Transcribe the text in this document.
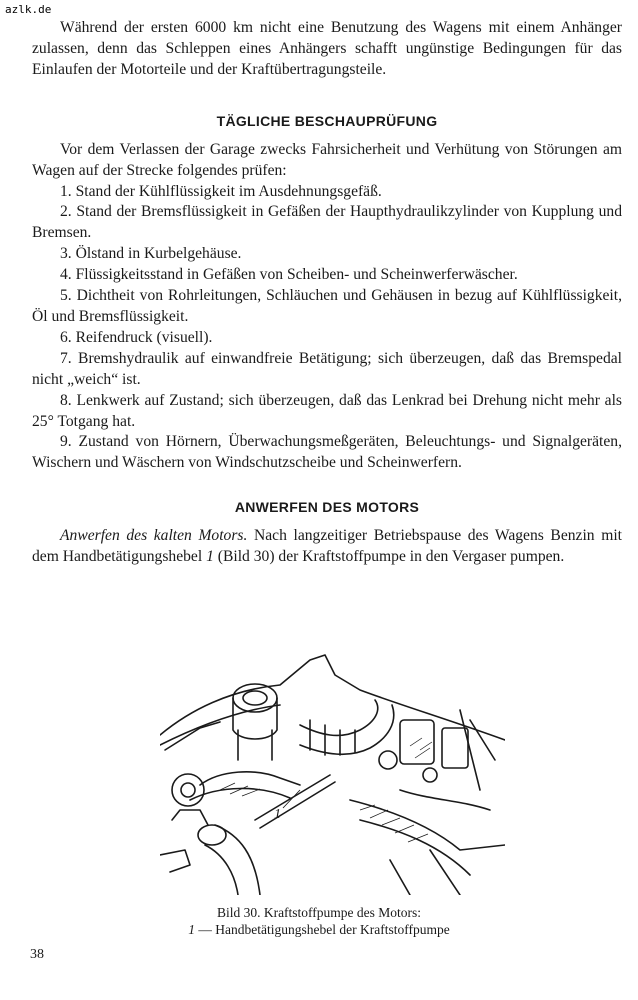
azlk.de

Während der ersten 6000 km nicht eine Benutzung des Wagens mit einem Anhänger zulassen, denn das Schleppen eines Anhängers schafft ungünstige Bedingungen für das Einlaufen der Motorteile und der Kraftübertragungsteile.

TÄGLICHE BESCHAUPRÜFUNG

Vor dem Verlassen der Garage zwecks Fahrsicherheit und Verhütung von Störungen am Wagen auf der Strecke folgendes prüfen:

1. Stand der Kühlflüssigkeit im Ausdehnungsgefäß.

2. Stand der Bremsflüssigkeit in Gefäßen der Haupthydraulikzylinder von Kupplung und Bremsen.

3. Ölstand in Kurbelgehäuse.

4. Flüssigkeitsstand in Gefäßen von Scheiben- und Scheinwerferwäscher.

5. Dichtheit von Rohrleitungen, Schläuchen und Gehäusen in bezug auf Kühlflüssigkeit, Öl und Bremsflüssigkeit.

6. Reifendruck (visuell).

7. Bremshydraulik auf einwandfreie Betätigung; sich überzeugen, daß das Bremspedal nicht „weich“ ist.

8. Lenkwerk auf Zustand; sich überzeugen, daß das Lenkrad bei Drehung nicht mehr als 25° Totgang hat.

9. Zustand von Hörnern, Überwachungsmeßgeräten, Beleuchtungs- und Signalgeräten, Wischern und Wäschern von Windschutzscheibe und Scheinwerfern.

ANWERFEN DES MOTORS

Anwerfen des kalten Motors. Nach langzeitiger Betriebspause des Wagens Benzin mit dem Handbetätigungshebel 1 (Bild 30) der Kraftstoffpumpe in den Vergaser pumpen.

1
Bild 30. Kraftstoffpumpe des Motors:
1 — Handbetätigungshebel der Kraftstoffpumpe
38
